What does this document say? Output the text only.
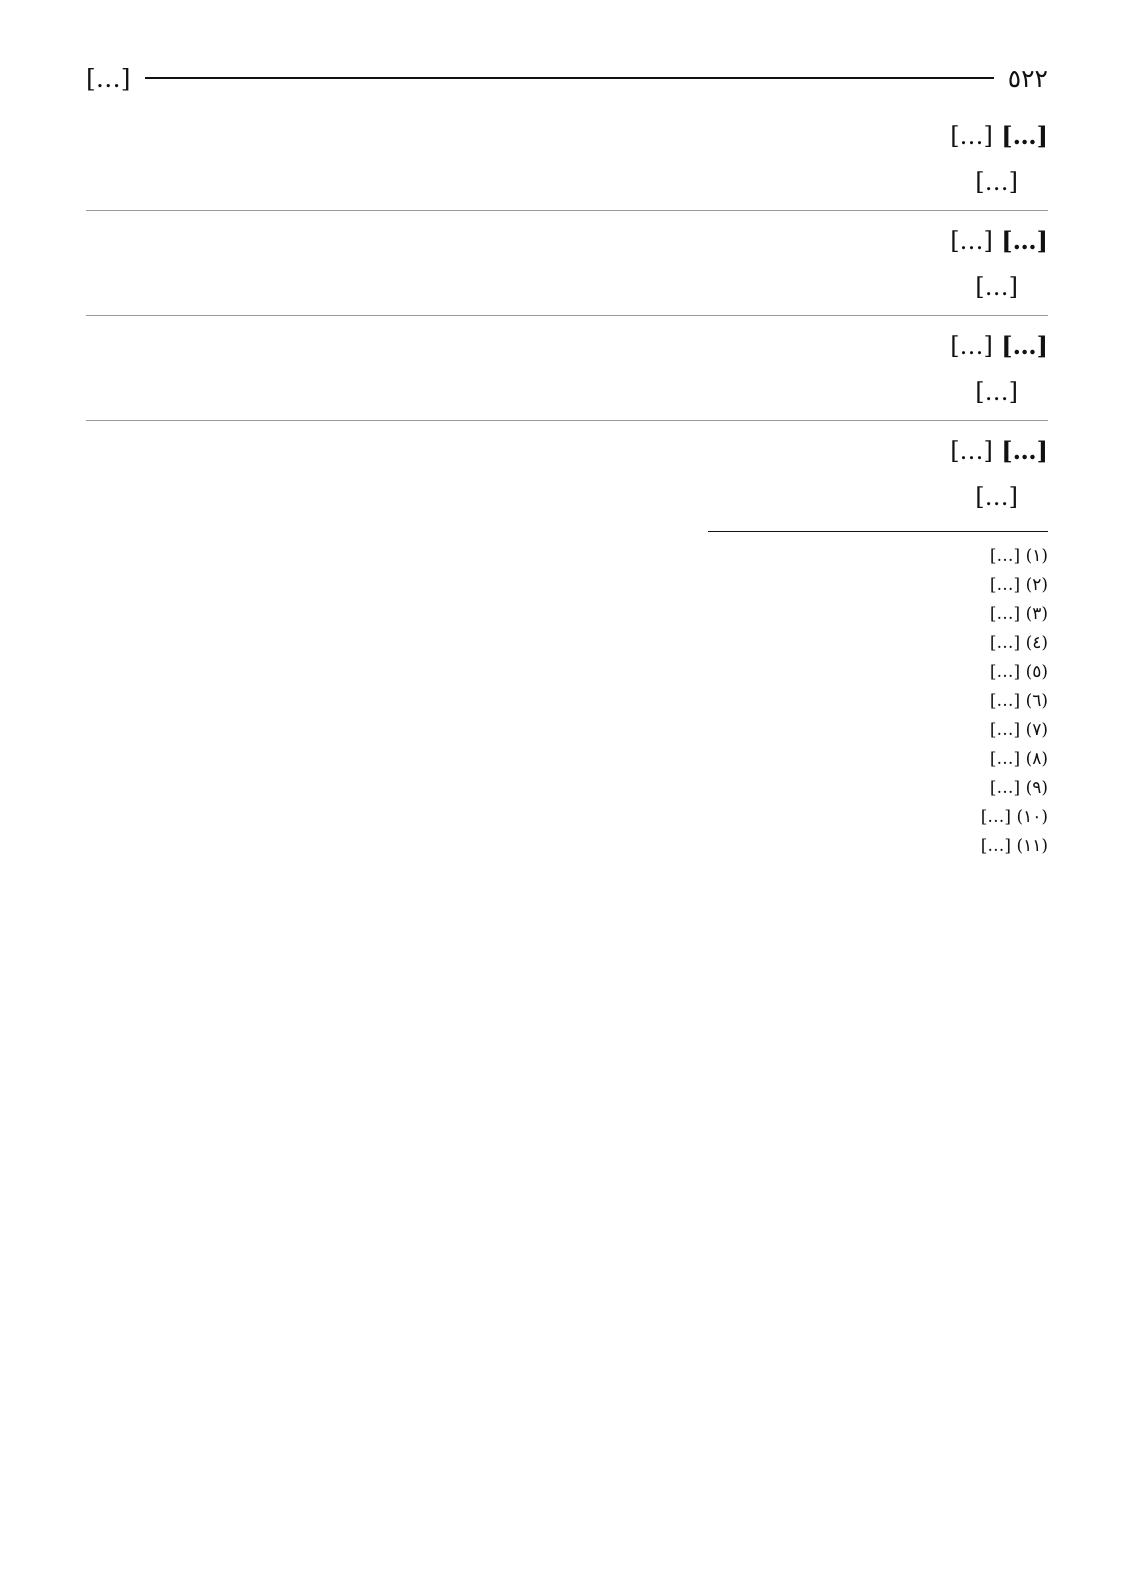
٥٢٢
[…]

[…] […]

[…]

[…] […]

[…]

[…] […]

[…]

[…] […]

[…]

(١) […]
(٢) […]
(٣) […]
(٤) […]
(٥) […]
(٦) […]
(٧) […]
(٨) […]
(٩) […]
(١٠) […]
(١١) […]
